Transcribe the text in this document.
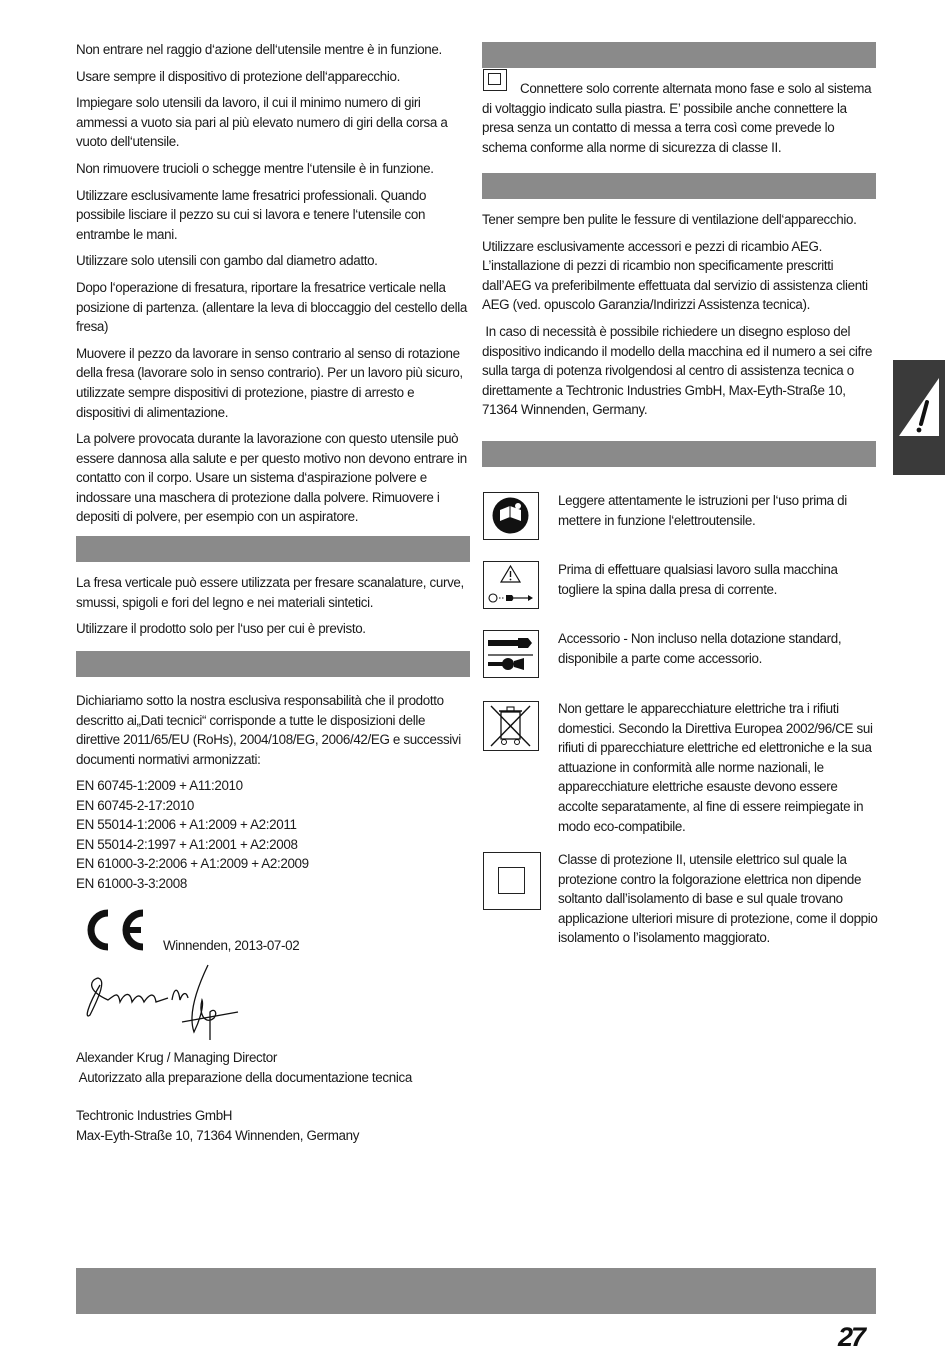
Non entrare nel raggio d‘azione dell‘utensile mentre è in funzione.

Usare sempre il dispositivo di protezione dell‘apparecchio.

Impiegare solo utensili da lavoro, il cui il minimo numero di giri ammessi a vuoto sia pari al più elevato numero di giri della corsa a vuoto dell‘utensile.

Non rimuovere trucioli o schegge mentre l‘utensile è in funzione.

Utilizzare esclusivamente lame fresatrici professionali. Quando possibile lisciare il pezzo su cui si lavora e tenere l‘utensile con entrambe le mani.

Utilizzare solo utensili con gambo dal diametro adatto.

Dopo l‘operazione di fresatura, riportare la fresatrice verticale nella posizione di partenza. (allentare la leva di bloccaggio del cestello della fresa)

Muovere il pezzo da lavorare in senso contrario al senso di rotazione della fresa (lavorare solo in senso contrario). Per un lavoro più sicuro, utilizzate sempre dispositivi di protezione, piastre di arresto e dispositivi di alimentazione.

La polvere provocata durante la lavorazione con questo utensile può essere dannosa alla salute e per questo motivo non devono entrare in contatto con il corpo. Usare un sistema d‘aspirazione polvere e indossare una maschera di protezione dalla polvere. Rimuovere i depositi di polvere, per esempio con un aspiratore.

La fresa verticale può essere utilizzata per fresare scanalature, curve, smussi, spigoli e fori del legno e nei materiali sintetici.

Utilizzare il prodotto solo per l‘uso per cui è previsto.

Dichiariamo sotto la nostra esclusiva responsabilità che il prodotto descritto ai„Dati tecnici“ corrisponde a tutte le disposizioni delle direttive 2011/65/EU (RoHs), 2004/108/EG, 2006/42/EG e successivi documenti normativi armonizzati:

EN 60745-1:2009 + A11:2010
EN 60745-2-17:2010
EN 55014-1:2006 + A1:2009 + A2:2011
EN 55014-2:1997 + A1:2001 + A2:2008
EN 61000-3-2:2006 + A1:2009 + A2:2009
EN 61000-3-3:2008
Winnenden, 2013-07-02
Alexander Krug / Managing Director
Autorizzato alla preparazione della documentazione tecnica
Techtronic Industries GmbH
Max-Eyth-Straße 10, 71364 Winnenden, Germany

Connettere solo corrente alternata mono fase e solo al sistema di voltaggio indicato sulla piastra. E’ possibile anche connettere la presa senza un contatto di messa a terra così come prevede lo schema conforme alla norme di sicurezza di classe II.

Tener sempre ben pulite le fessure di ventilazione dell‘apparecchio.

Utilizzare esclusivamente accessori e pezzi di ricambio AEG. L’installazione di pezzi di ricambio non specificamente prescritti dall’AEG va preferibilmente effettuata dal servizio di assistenza clienti AEG (ved. opuscolo Garanzia/Indirizzi Assistenza tecnica).

In caso di necessità è possibile richiedere un disegno esploso del dispositivo indicando il modello della macchina ed il numero a sei cifre sulla targa di potenza rivolgendosi al centro di assistenza tecnica o direttamente a Techtronic Industries GmbH, Max-Eyth-Straße 10, 71364 Winnenden, Germany.

Leggere attentamente le istruzioni per l‘uso prima di mettere in funzione l‘elettroutensile.
Prima di effettuare qualsiasi lavoro sulla macchina togliere la spina dalla presa di corrente.
Accessorio - Non incluso nella dotazione standard, disponibile a parte come accessorio.
Non gettare le apparecchiature elettriche tra i rifiuti domestici. Secondo la Direttiva Europea 2002/96/CE sui rifiuti di pparecchiature elettriche ed elettroniche e la sua attuazione in conformità alle norme nazionali, le apparecchiature elettriche esauste devono essere accolte separatamente, al fine di essere reimpiegate in modo eco-compatibile.
Classe di protezione II, utensile elettrico sul quale la protezione contro la folgorazione elettrica non dipende soltanto dall’isolamento di base e sul quale trovano applicazione ulteriori misure di protezione, come il doppio isolamento o l’isolamento maggiorato.
27
